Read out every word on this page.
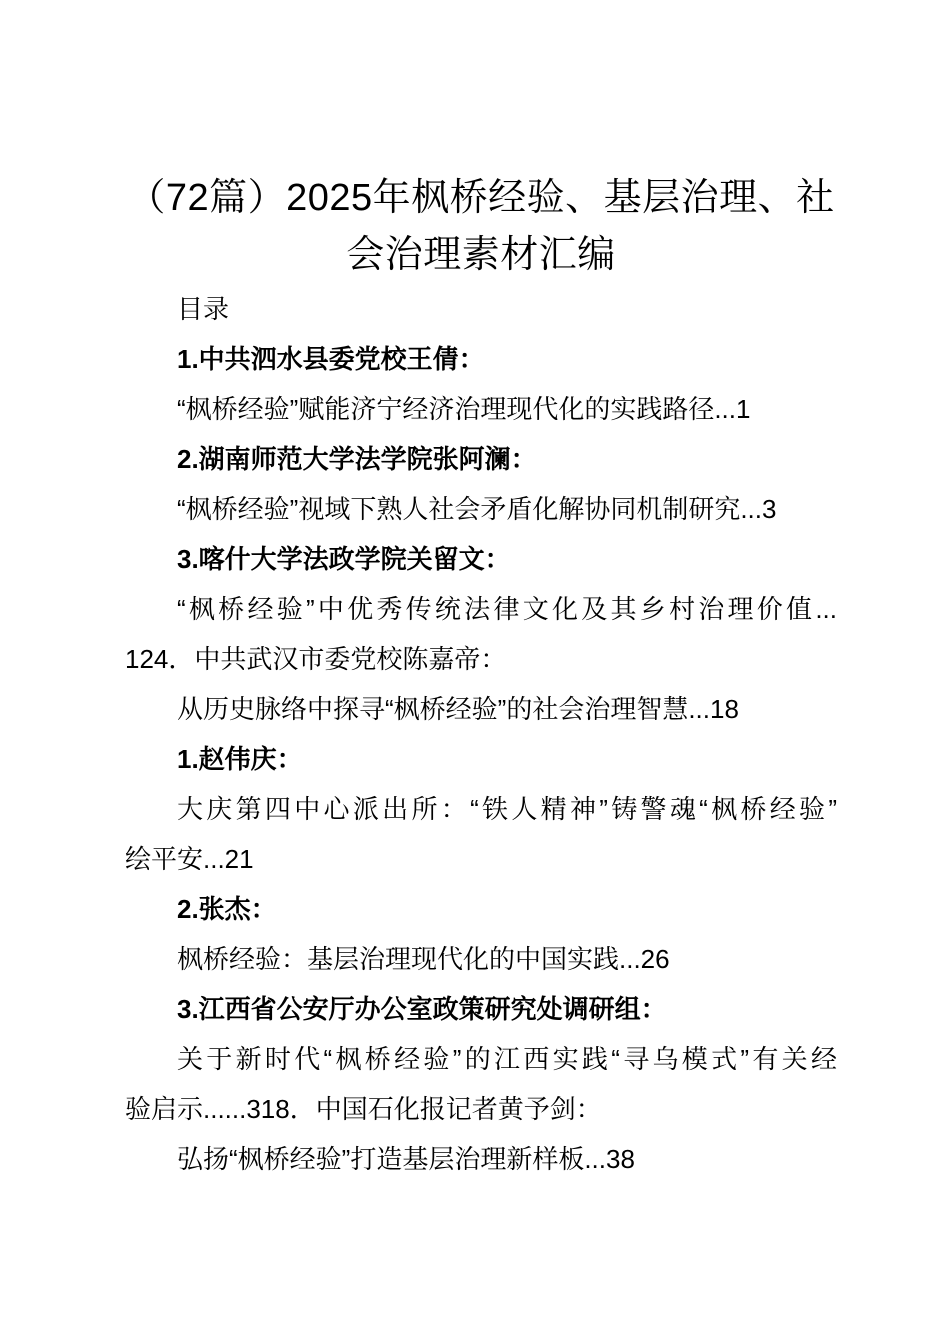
（72篇）2025年枫桥经验、基层治理、社
会治理素材汇编

目录

1.中共泗水县委党校王倩：

“枫桥经验”赋能济宁经济治理现代化的实践路径...1

2.湖南师范大学法学院张阿澜：

“枫桥经验”视域下熟人社会矛盾化解协同机制研究...3

3.喀什大学法政学院关留文：

“枫桥经验”中优秀传统法律文化及其乡村治理价值...

124．中共武汉市委党校陈嘉帝：

从历史脉络中探寻“枫桥经验”的社会治理智慧...18

1.赵伟庆：

大庆第四中心派出所：“铁人精神”铸警魂“枫桥经验”

绘平安...21

2.张杰：

枫桥经验：基层治理现代化的中国实践...26

3.江西省公安厅办公室政策研究处调研组：

关于新时代“枫桥经验”的江西实践“寻乌模式”有关经

验启示......318．中国石化报记者黄予剑：

弘扬“枫桥经验”打造基层治理新样板...38
